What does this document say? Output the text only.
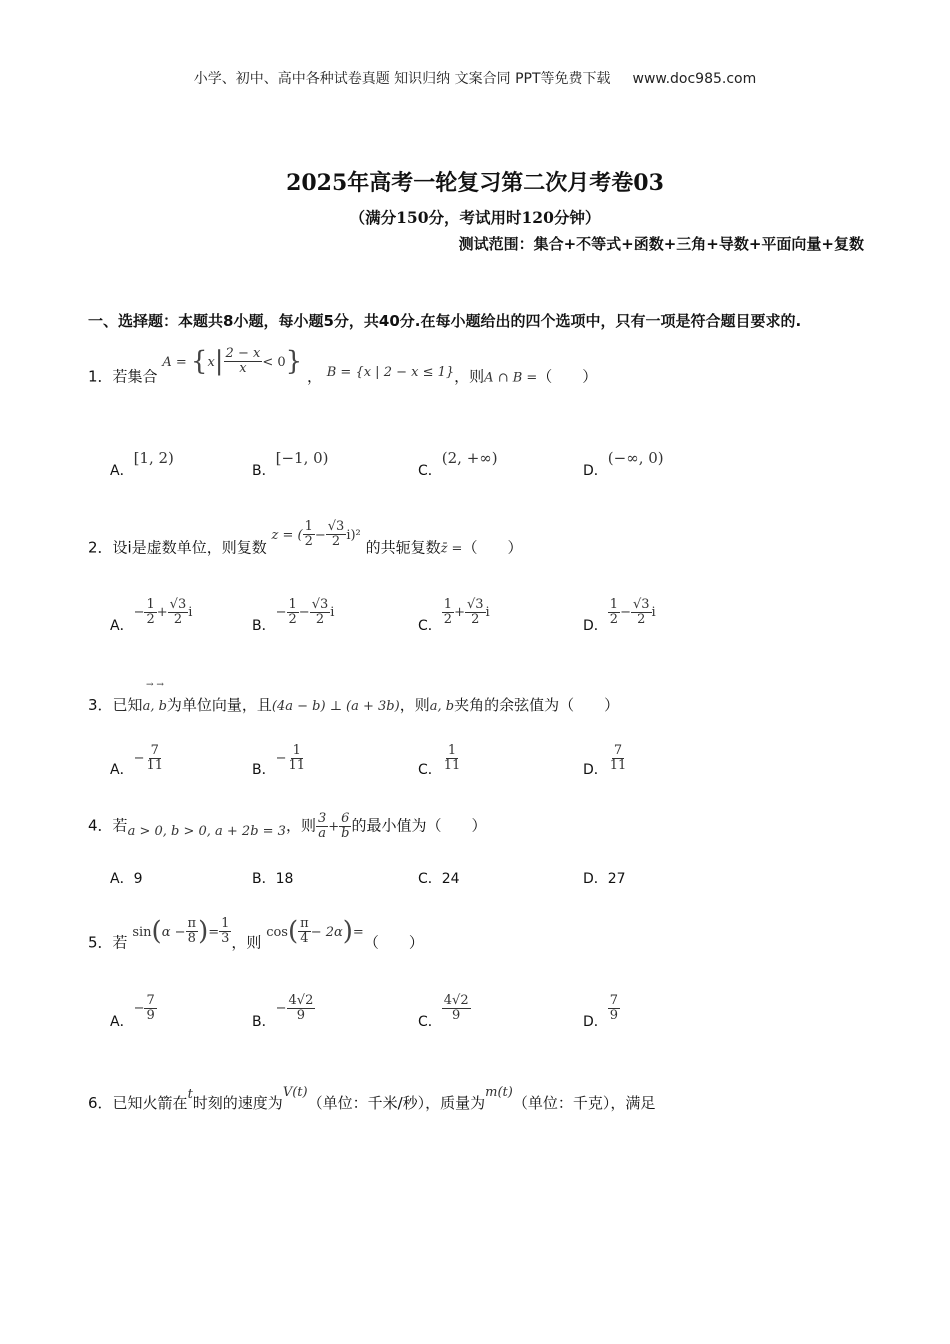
小学、初中、高中各种试卷真题 知识归纳 文案合同 PPT等免费下载 www.doc985.com
2025年高考一轮复习第二次月考卷03
（满分150分，考试用时120分钟）
测试范围：集合+不等式+函数+三角+导数+平面向量+复数
一、选择题：本题共8小题，每小题5分，共40分.在每小题给出的四个选项中，只有一项是符合题目要求的.
1．若集合 $A = \{x| \frac{2 - x}{x} < 0\}$ ， B = {x | 2 − x ≤ 1}，则A ∩ B =（　　）
A．[1, 2)
B．[−1, 0)
C．(2, +∞)
D．(−∞, 0)
2．设i是虚数单位，则复数 z = ( $\frac{1}{2} - \frac{√3}{2} i)^2$ 的共轭复数z̄ =（　　）
A．− $\frac{1}{2} + \frac{√3}{2}$ i
B．− $\frac{1}{2} - \frac{√3}{2}$ i
C． $\frac{1}{2} + \frac{√3}{2}$ i
D． $\frac{1}{2} - \frac{√3}{2}$ i
3．已知a, b为单位向量，且(4a − b) ⊥ (a + 3b)，则a, b夹角的余弦值为（　　）
→ →
A．− $\frac{7}{11}$	B．− $\frac{1}{11}$	C． $\frac{1}{11}$	D． $\frac{7}{11}$
4．若a > 0, b > 0, a + 2b = 3，则 $\frac{3}{a} + \frac{6}{b}$ 的最小值为（　　）
A．9	B．18	C．24	D．27
5．若 $\sin(\alpha - \frac{\pi}{8}$ )= $\frac{1}{3}$ ，则 $\cos( \frac{\pi}{4} - 2\alpha)=$（　　）
A．− $\frac{7}{9}$	B．− $\frac{4√2}{9}$	C． $\frac{4√2}{9}$	D． $\frac{7}{9}$
6．已知火箭在t时刻的速度为V(t)（单位：千米/秒），质量为m(t)（单位：千克），满足
